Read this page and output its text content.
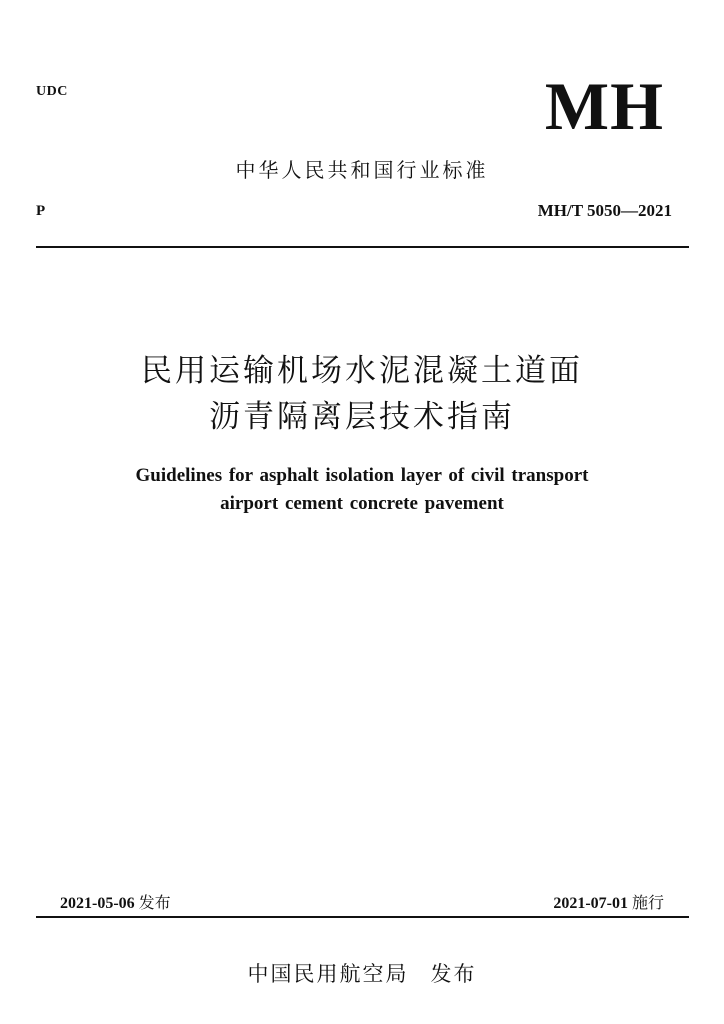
UDC	MH
中华人民共和国行业标准
P	MH/T 5050—2021
民用运输机场水泥混凝土道面
沥青隔离层技术指南
Guidelines for asphalt isolation layer of civil transport
airport cement concrete pavement
2021-05-06 发布	2021-07-01 施行
中国民用航空局 发布
